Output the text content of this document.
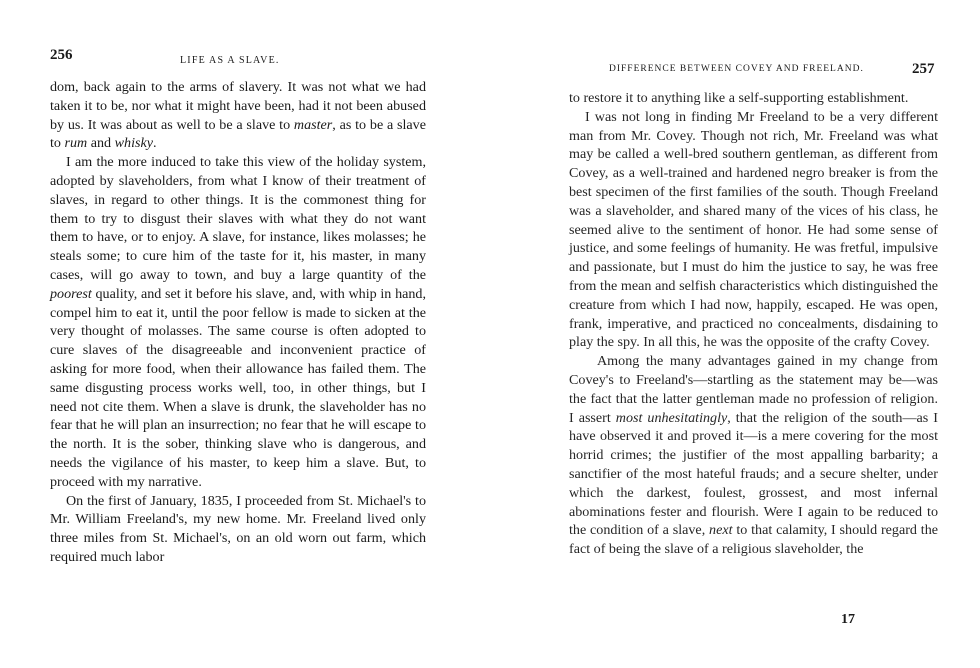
256	LIFE AS A SLAVE.

dom, back again to the arms of slavery. It was not what we had taken it to be, nor what it might have been, had it not been abused by us. It was about as well to be a slave to master, as to be a slave to rum and whisky.

I am the more induced to take this view of the holiday system, adopted by slaveholders, from what I know of their treatment of slaves, in regard to other things. It is the commonest thing for them to try to disgust their slaves with what they do not want them to have, or to enjoy. A slave, for instance, likes molasses; he steals some; to cure him of the taste for it, his master, in many cases, will go away to town, and buy a large quantity of the poorest quality, and set it before his slave, and, with whip in hand, compel him to eat it, until the poor fellow is made to sicken at the very thought of molasses. The same course is often adopted to cure slaves of the disagreeable and inconvenient practice of asking for more food, when their allowance has failed them. The same disgusting process works well, too, in other things, but I need not cite them. When a slave is drunk, the slaveholder has no fear that he will plan an insurrection; no fear that he will escape to the north. It is the sober, thinking slave who is dangerous, and needs the vigilance of his master, to keep him a slave. But, to proceed with my narrative.

On the first of January, 1835, I proceeded from St. Michael's to Mr. William Freeland's, my new home. Mr. Freeland lived only three miles from St. Michael's, on an old worn out farm, which required much labor

DIFFERENCE BETWEEN COVEY AND FREELAND.	257

to restore it to anything like a self-supporting establishment.

I was not long in finding Mr Freeland to be a very different man from Mr. Covey. Though not rich, Mr. Freeland was what may be called a well-bred southern gentleman, as different from Covey, as a well-trained and hardened negro breaker is from the best specimen of the first families of the south. Though Freeland was a slaveholder, and shared many of the vices of his class, he seemed alive to the sentiment of honor. He had some sense of justice, and some feelings of humanity. He was fretful, impulsive and passionate, but I must do him the justice to say, he was free from the mean and selfish characteristics which distinguished the creature from which I had now, happily, escaped. He was open, frank, imperative, and practiced no concealments, disdaining to play the spy. In all this, he was the opposite of the crafty Covey.

Among the many advantages gained in my change from Covey's to Freeland's—startling as the statement may be—was the fact that the latter gentleman made no profession of religion. I assert most unhesitatingly, that the religion of the south—as I have observed it and proved it—is a mere covering for the most horrid crimes; the justifier of the most appalling barbarity; a sanctifier of the most hateful frauds; and a secure shelter, under which the darkest, foulest, grossest, and most infernal abominations fester and flourish. Were I again to be reduced to the condition of a slave, next to that calamity, I should regard the fact of being the slave of a religious slaveholder, the

17
